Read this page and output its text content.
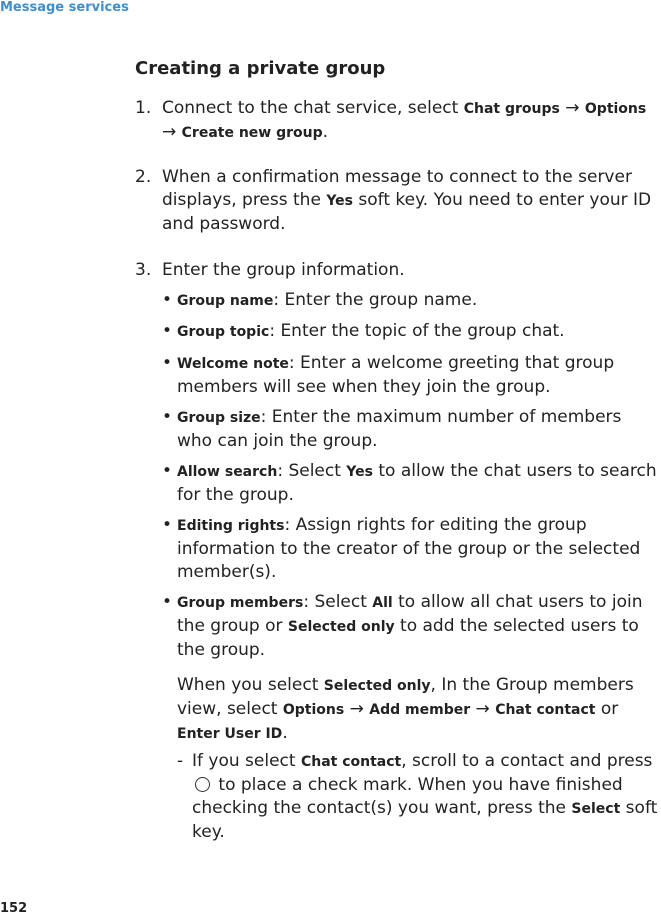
Message services
Creating a private group
1. Connect to the chat service, select Chat groups → Options → Create new group.
2. When a confirmation message to connect to the server displays, press the Yes soft key. You need to enter your ID and password.
3. Enter the group information.
• Group name: Enter the group name.
• Group topic: Enter the topic of the group chat.
• Welcome note: Enter a welcome greeting that group members will see when they join the group.
• Group size: Enter the maximum number of members who can join the group.
• Allow search: Select Yes to allow the chat users to search for the group.
• Editing rights: Assign rights for editing the group information to the creator of the group or the selected member(s).
• Group members: Select All to allow all chat users to join the group or Selected only to add the selected users to the group.
When you select Selected only, In the Group members view, select Options → Add member → Chat contact or Enter User ID.
- If you select Chat contact, scroll to a contact and press  to place a check mark. When you have finished checking the contact(s) you want, press the Select soft key.
152
